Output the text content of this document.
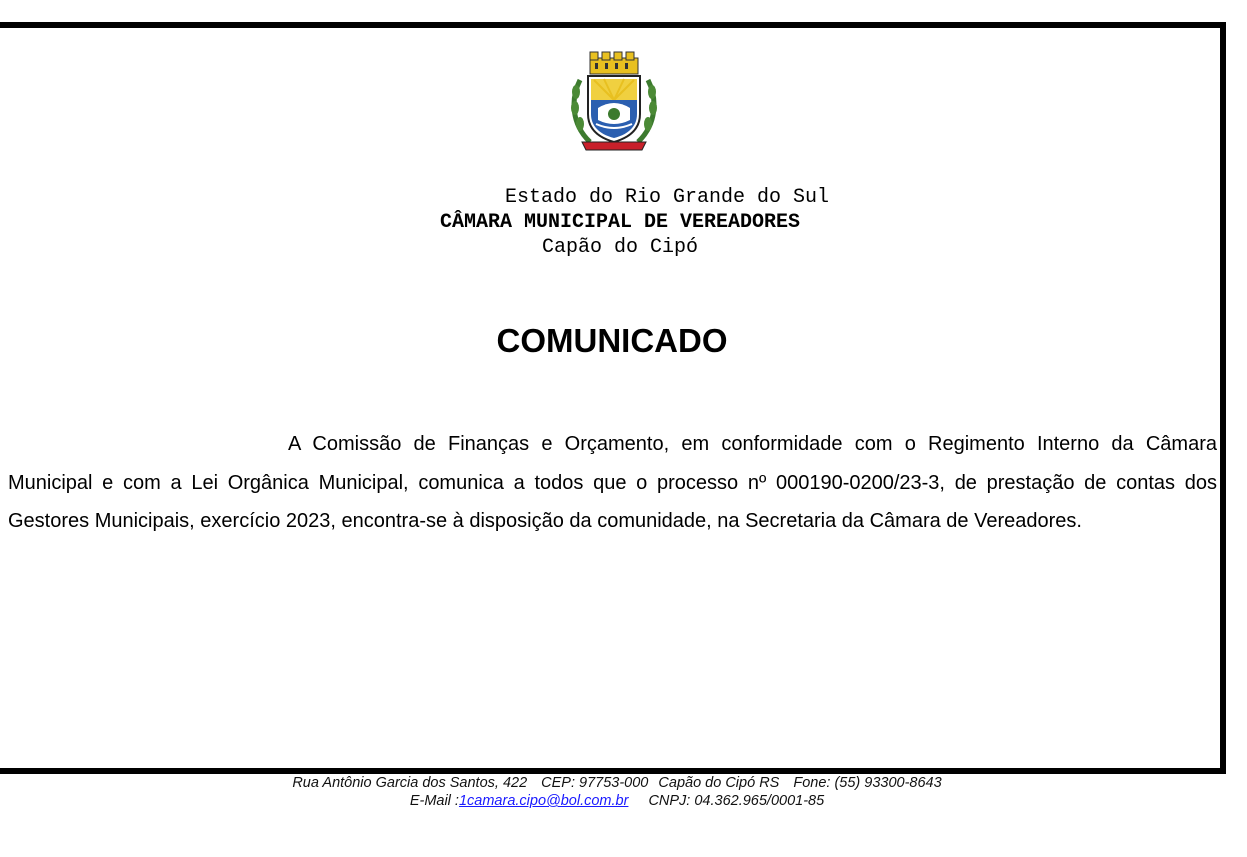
Estado do Rio Grande do Sul
CÂMARA MUNICIPAL DE VEREADORES
Capão do Cipó
COMUNICADO

A Comissão de Finanças e Orçamento, em conformidade com o Regimento Interno da Câmara Municipal e com a Lei Orgânica Municipal, comunica a todos que o processo nº 000190-0200/23-3, de prestação de contas dos Gestores Municipais, exercício 2023, encontra-se à disposição da comunidade, na Secretaria da Câmara de Vereadores.

Rua Antônio Garcia dos Santos, 422 CEP: 97753-000 Capão do Cipó RS Fone: (55) 93300-8643
E-Mail :1camara.cipo@bol.com.br CNPJ: 04.362.965/0001-85
